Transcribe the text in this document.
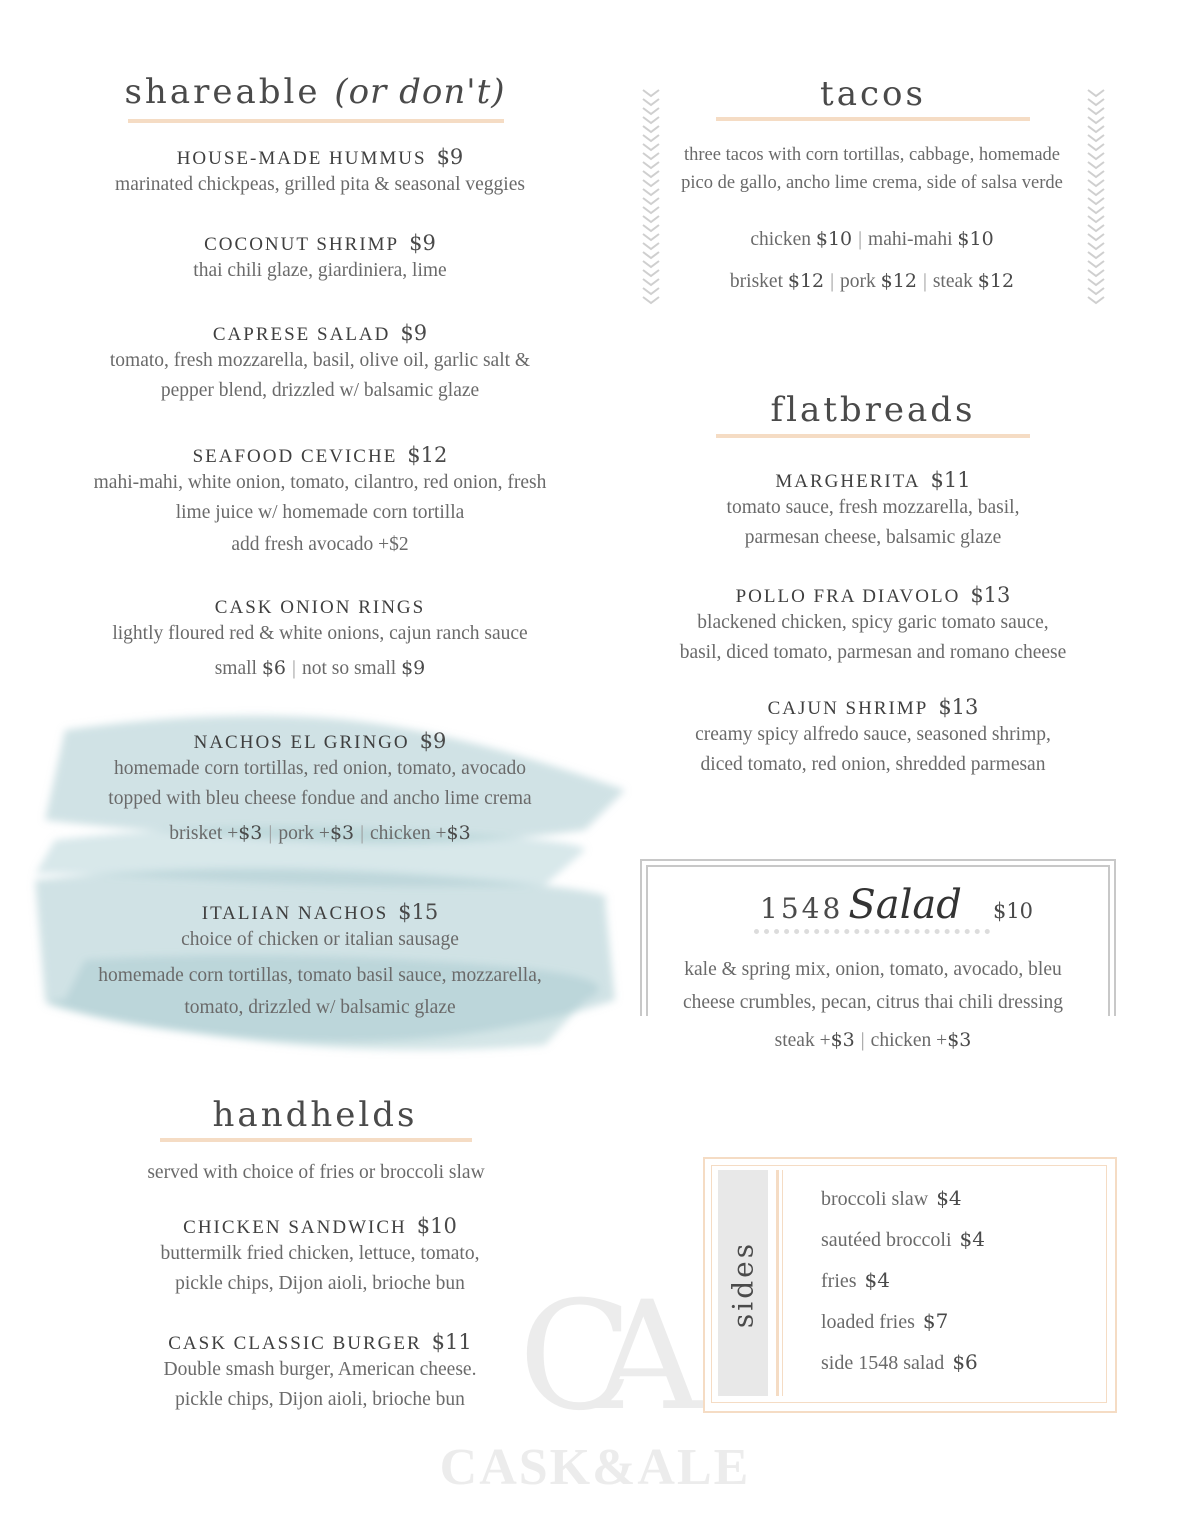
CA
CASK&ALE
shareable (or don't)
HOUSE-MADE HUMMUS $9
marinated chickpeas, grilled pita & seasonal veggies
COCONUT SHRIMP $9
thai chili glaze, giardiniera, lime
CAPRESE SALAD $9
tomato, fresh mozzarella, basil, olive oil, garlic salt &
pepper blend, drizzled w/ balsamic glaze
SEAFOOD CEVICHE $12
mahi-mahi, white onion, tomato, cilantro, red onion, fresh
lime juice w/ homemade corn tortilla
add fresh avocado +$2
CASK ONION RINGS
lightly floured red & white onions, cajun ranch sauce
small $6 | not so small $9
NACHOS EL GRINGO $9
homemade corn tortillas, red onion, tomato, avocado
topped with bleu cheese fondue and ancho lime crema
brisket +$3 | pork +$3 | chicken +$3
ITALIAN NACHOS $15
choice of chicken or italian sausage
homemade corn tortillas, tomato basil sauce, mozzarella,
tomato, drizzled w/ balsamic glaze
handhelds
served with choice of fries or broccoli slaw
CHICKEN SANDWICH $10
buttermilk fried chicken, lettuce, tomato,
pickle chips, Dijon aioli, brioche bun
CASK CLASSIC BURGER $11
Double smash burger, American cheese.
pickle chips, Dijon aioli, brioche bun
tacos
three tacos with corn tortillas, cabbage, homemade
pico de gallo, ancho lime crema, side of salsa verde
chicken $10 | mahi-mahi $10
brisket $12 | pork $12 | steak $12
flatbreads
MARGHERITA $11
tomato sauce, fresh mozzarella, basil,
parmesan cheese, balsamic glaze
POLLO FRA DIAVOLO $13
blackened chicken, spicy garic tomato sauce,
basil, diced tomato, parmesan and romano cheese
CAJUN SHRIMP $13
creamy spicy alfredo sauce, seasoned shrimp,
diced tomato, red onion, shredded parmesan
1548 Salad $10
kale & spring mix, onion, tomato, avocado, bleu
cheese crumbles, pecan, citrus thai chili dressing
steak +$3 | chicken +$3
sides
broccoli slaw $4
sautéed broccoli $4
fries $4
loaded fries $7
side 1548 salad $6
